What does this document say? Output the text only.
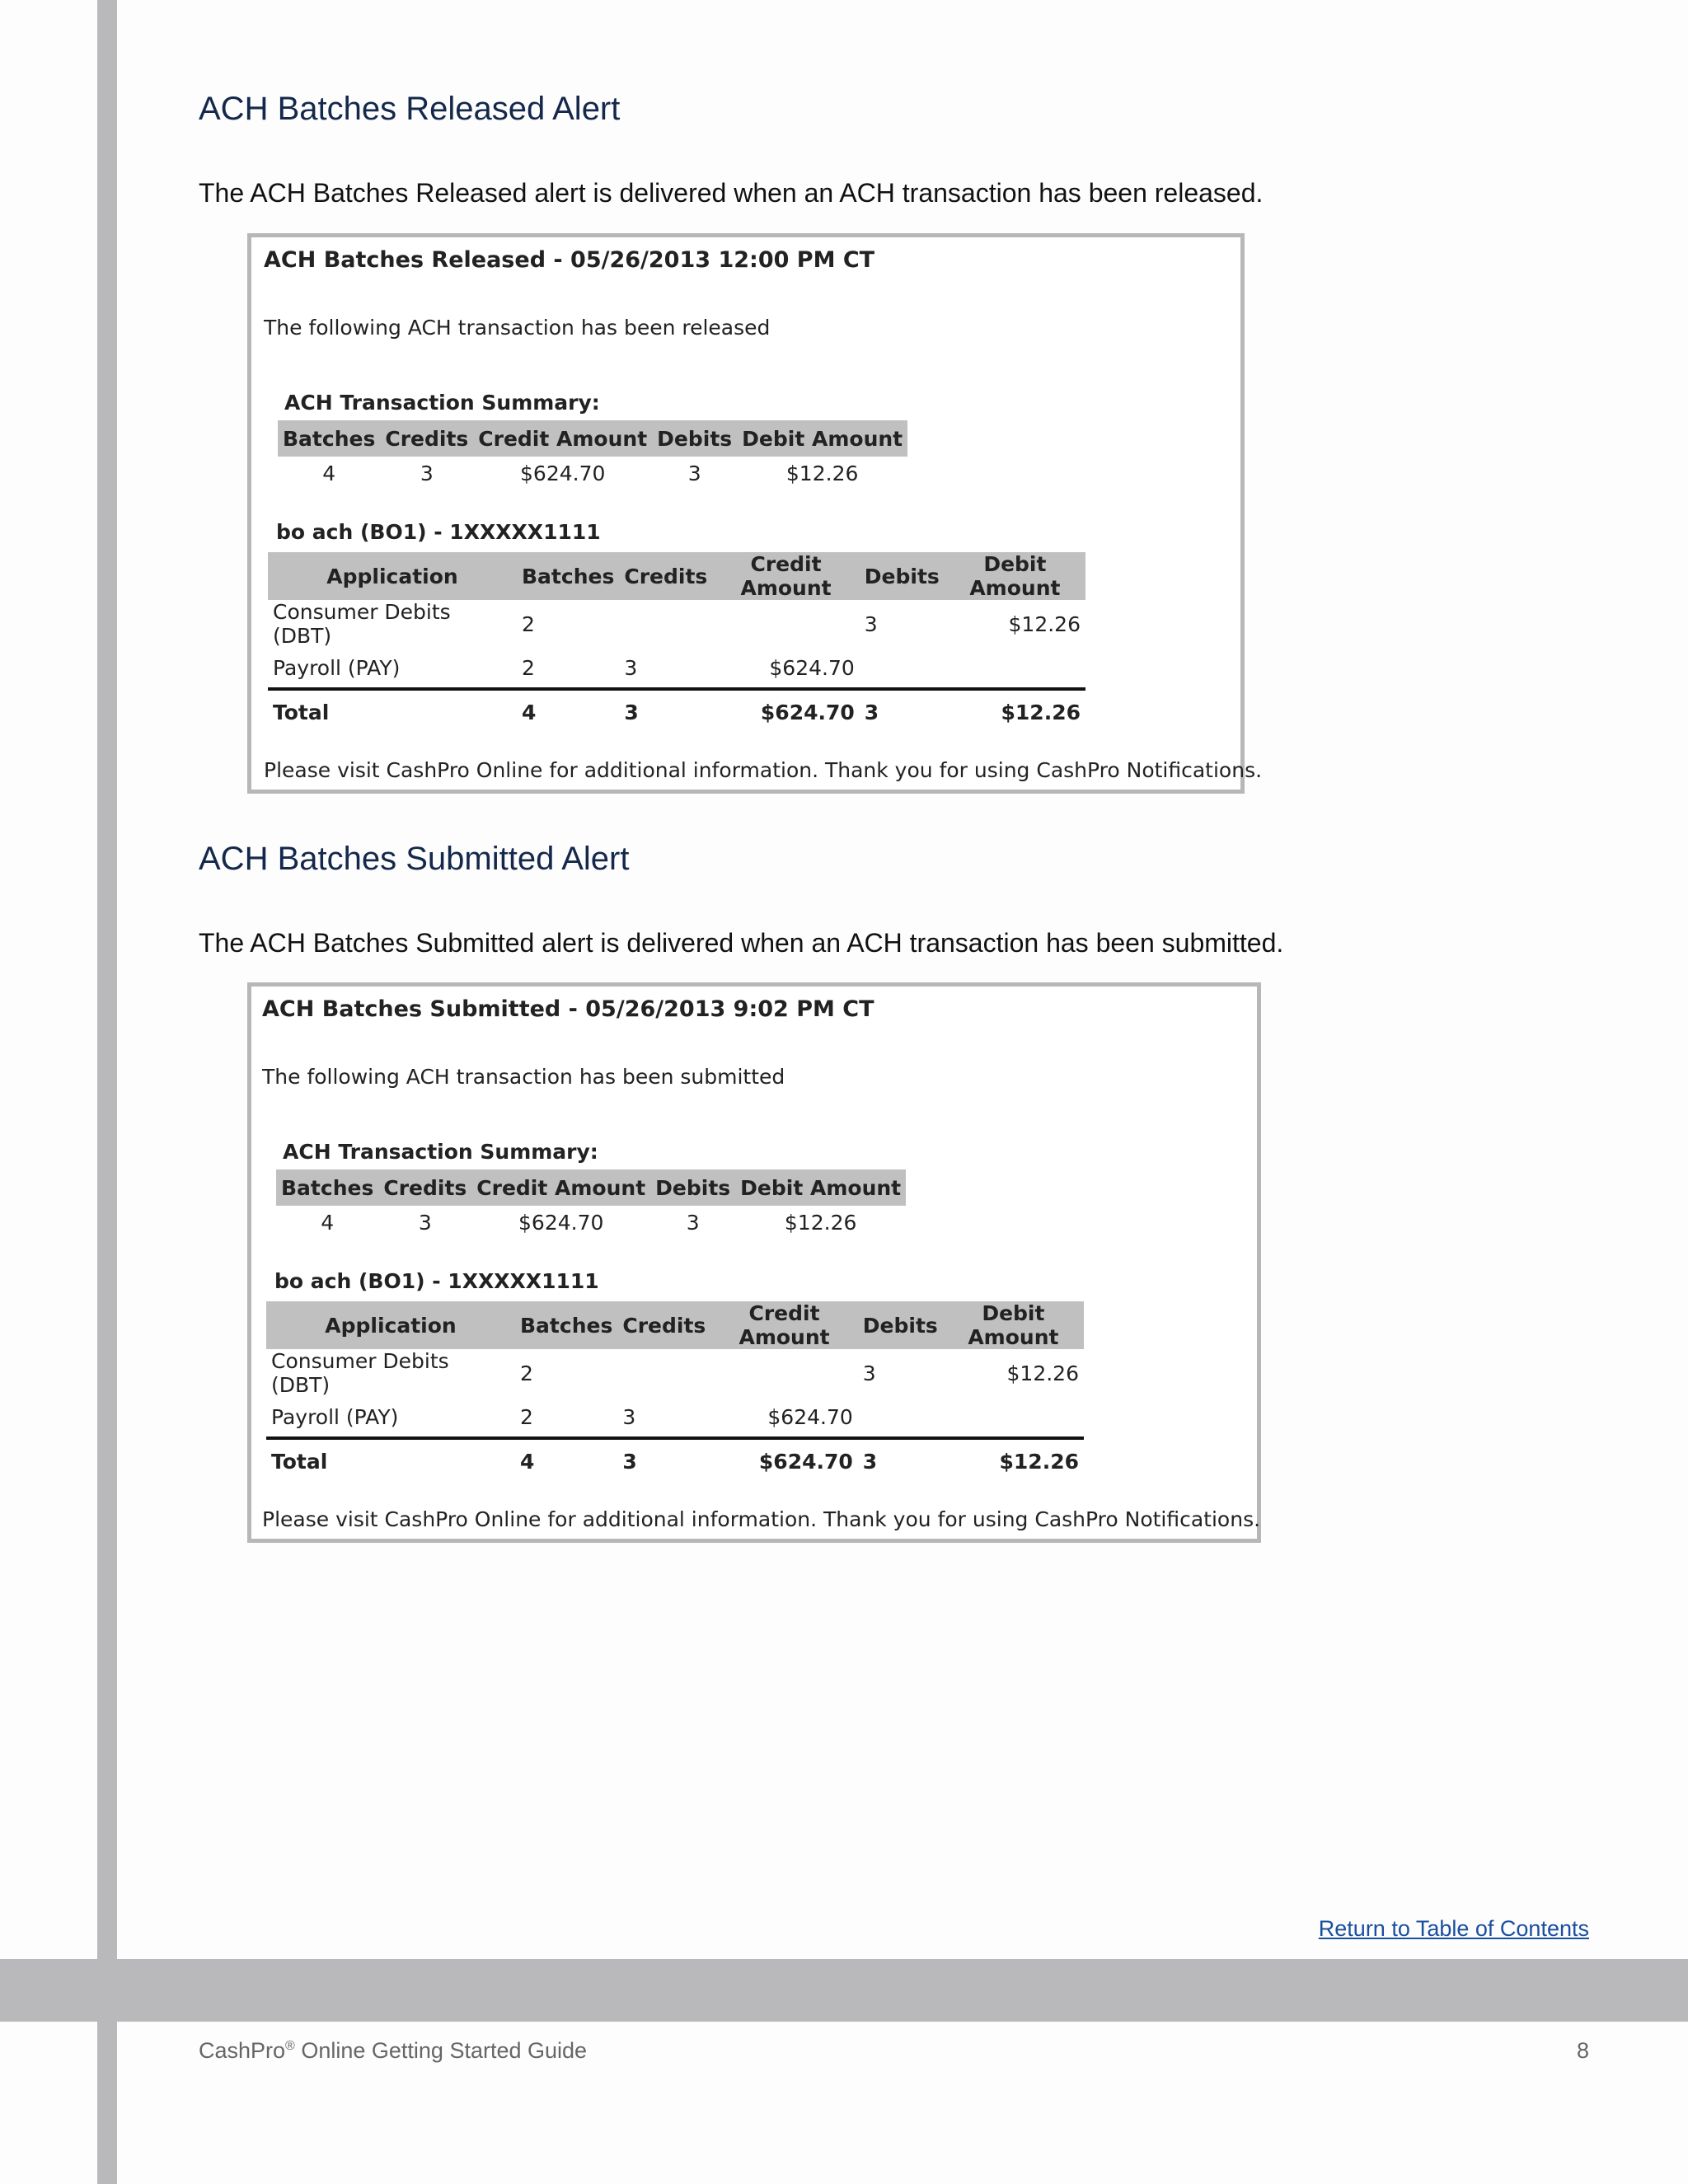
ACH Batches Released Alert

The ACH Batches Released alert is delivered when an ACH transaction has been released.

ACH Batches Released - 05/26/2013 12:00 PM CT
The following ACH transaction has been released
ACH Transaction Summary:
Batches	Credits	Credit Amount	Debits	Debit Amount
4	3	$624.70	3	$12.26
bo ach (BO1) - 1XXXXX1111
Application	Batches	Credits	Credit Amount	Debits	Debit Amount
Consumer Debits (DBT)	2			3	$12.26
Payroll (PAY)	2	3	$624.70		
Total	4	3	$624.70	3	$12.26
Please visit CashPro Online for additional information. Thank you for using CashPro Notifications.
ACH Batches Submitted Alert

The ACH Batches Submitted alert is delivered when an ACH transaction has been submitted.

ACH Batches Submitted - 05/26/2013 9:02 PM CT
The following ACH transaction has been submitted
ACH Transaction Summary:
Batches	Credits	Credit Amount	Debits	Debit Amount
4	3	$624.70	3	$12.26
bo ach (BO1) - 1XXXXX1111
Application	Batches	Credits	Credit Amount	Debits	Debit Amount
Consumer Debits (DBT)	2			3	$12.26
Payroll (PAY)	2	3	$624.70		
Total	4	3	$624.70	3	$12.26
Please visit CashPro Online for additional information. Thank you for using CashPro Notifications.
Return to Table of Contents
CashPro® Online Getting Started Guide	8
